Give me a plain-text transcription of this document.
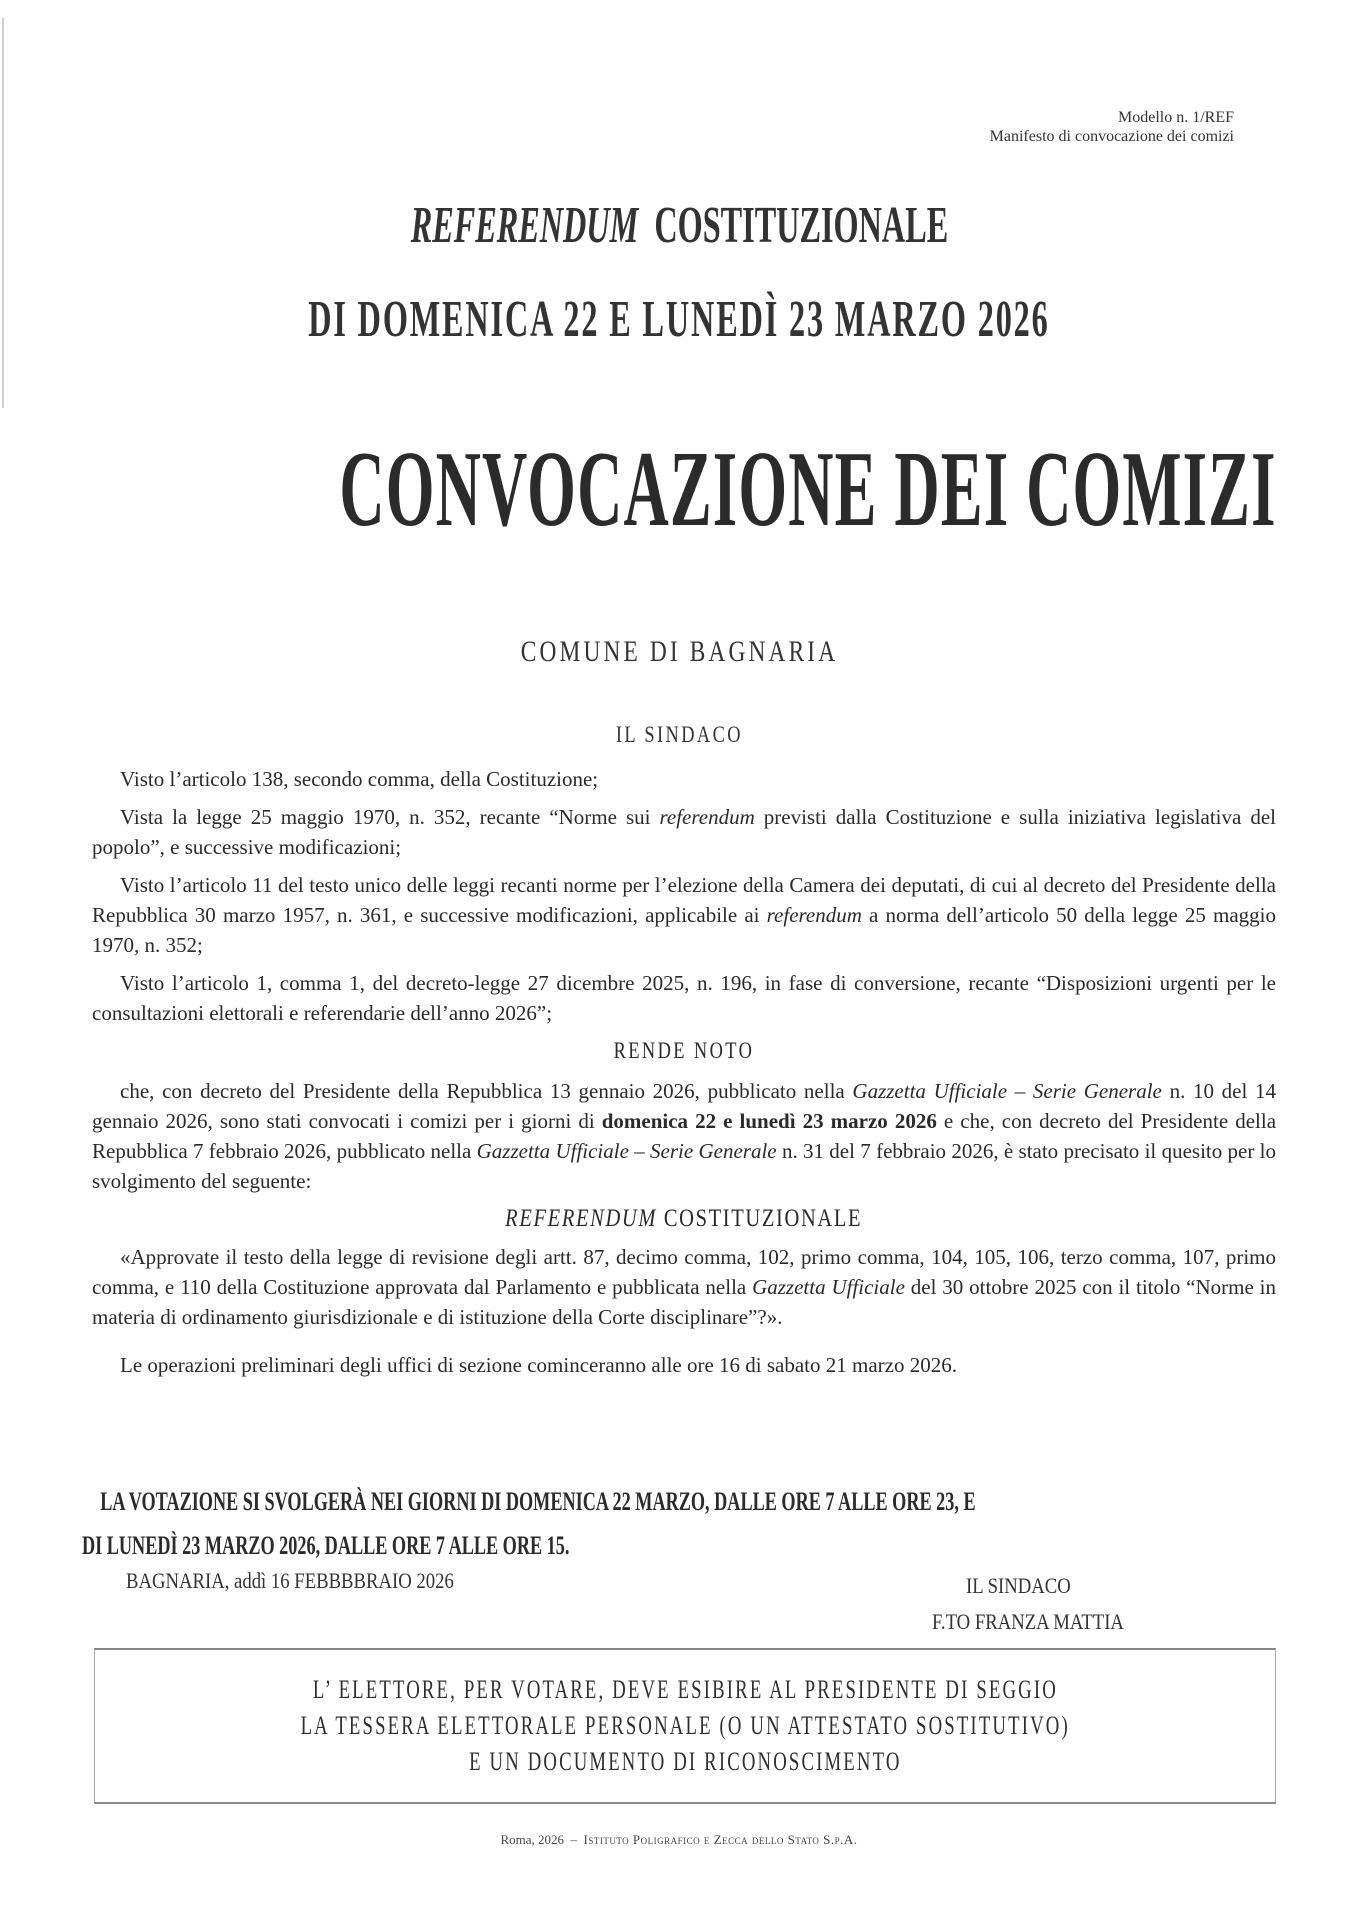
Modello n. 1/REF
Manifesto di convocazione dei comizi
REFERENDUM COSTITUZIONALE
DI DOMENICA 22 E LUNEDÌ 23 MARZO 2026
CONVOCAZIONE DEI COMIZI
COMUNE DI BAGNARIA
IL SINDACO

Visto l’articolo 138, secondo comma, della Costituzione;

Vista la legge 25 maggio 1970, n. 352, recante “Norme sui referendum previsti dalla Costituzione e sulla iniziativa legislativa del popolo”, e successive modificazioni;

Visto l’articolo 11 del testo unico delle leggi recanti norme per l’elezione della Camera dei deputati, di cui al decreto del Presidente della Repubblica 30 marzo 1957, n. 361, e successive modificazioni, applicabile ai referendum a norma dell’articolo 50 della legge 25 maggio 1970, n. 352;

Visto l’articolo 1, comma 1, del decreto-legge 27 dicembre 2025, n. 196, in fase di conversione, recante “Disposizioni urgenti per le consultazioni elettorali e referendarie dell’anno 2026”;

RENDE NOTO

che, con decreto del Presidente della Repubblica 13 gennaio 2026, pubblicato nella Gazzetta Ufficiale – Serie Generale n. 10 del 14 gennaio 2026, sono stati convocati i comizi per i giorni di domenica 22 e lunedì 23 marzo 2026 e che, con decreto del Presidente della Repubblica 7 febbraio 2026, pubblicato nella Gazzetta Ufficiale – Serie Generale n. 31 del 7 febbraio 2026, è stato precisato il quesito per lo svolgimento del seguente:

REFERENDUM COSTITUZIONALE

«Approvate il testo della legge di revisione degli artt. 87, decimo comma, 102, primo comma, 104, 105, 106, terzo comma, 107, primo comma, e 110 della Costituzione approvata dal Parlamento e pubblicata nella Gazzetta Ufficiale del 30 ottobre 2025 con il titolo “Norme in materia di ordinamento giurisdizionale e di istituzione della Corte disciplinare”?».

Le operazioni preliminari degli uffici di sezione cominceranno alle ore 16 di sabato 21 marzo 2026.

LA VOTAZIONE SI SVOLGERÀ NEI GIORNI DI DOMENICA 22 MARZO, DALLE ORE 7 ALLE ORE 23, E
DI LUNEDÌ 23 MARZO 2026, DALLE ORE 7 ALLE ORE 15.
BAGNARIA, addì 16 FEBBBBRAIO 2026	IL SINDACO
F.TO FRANZA MATTIA
L’ ELETTORE, PER VOTARE, DEVE ESIBIRE AL PRESIDENTE DI SEGGIO
LA TESSERA ELETTORALE PERSONALE (O UN ATTESTATO SOSTITUTIVO)
E UN DOCUMENTO DI RICONOSCIMENTO
Roma, 2026 – Istituto Poligrafico e Zecca dello Stato S.p.A.
